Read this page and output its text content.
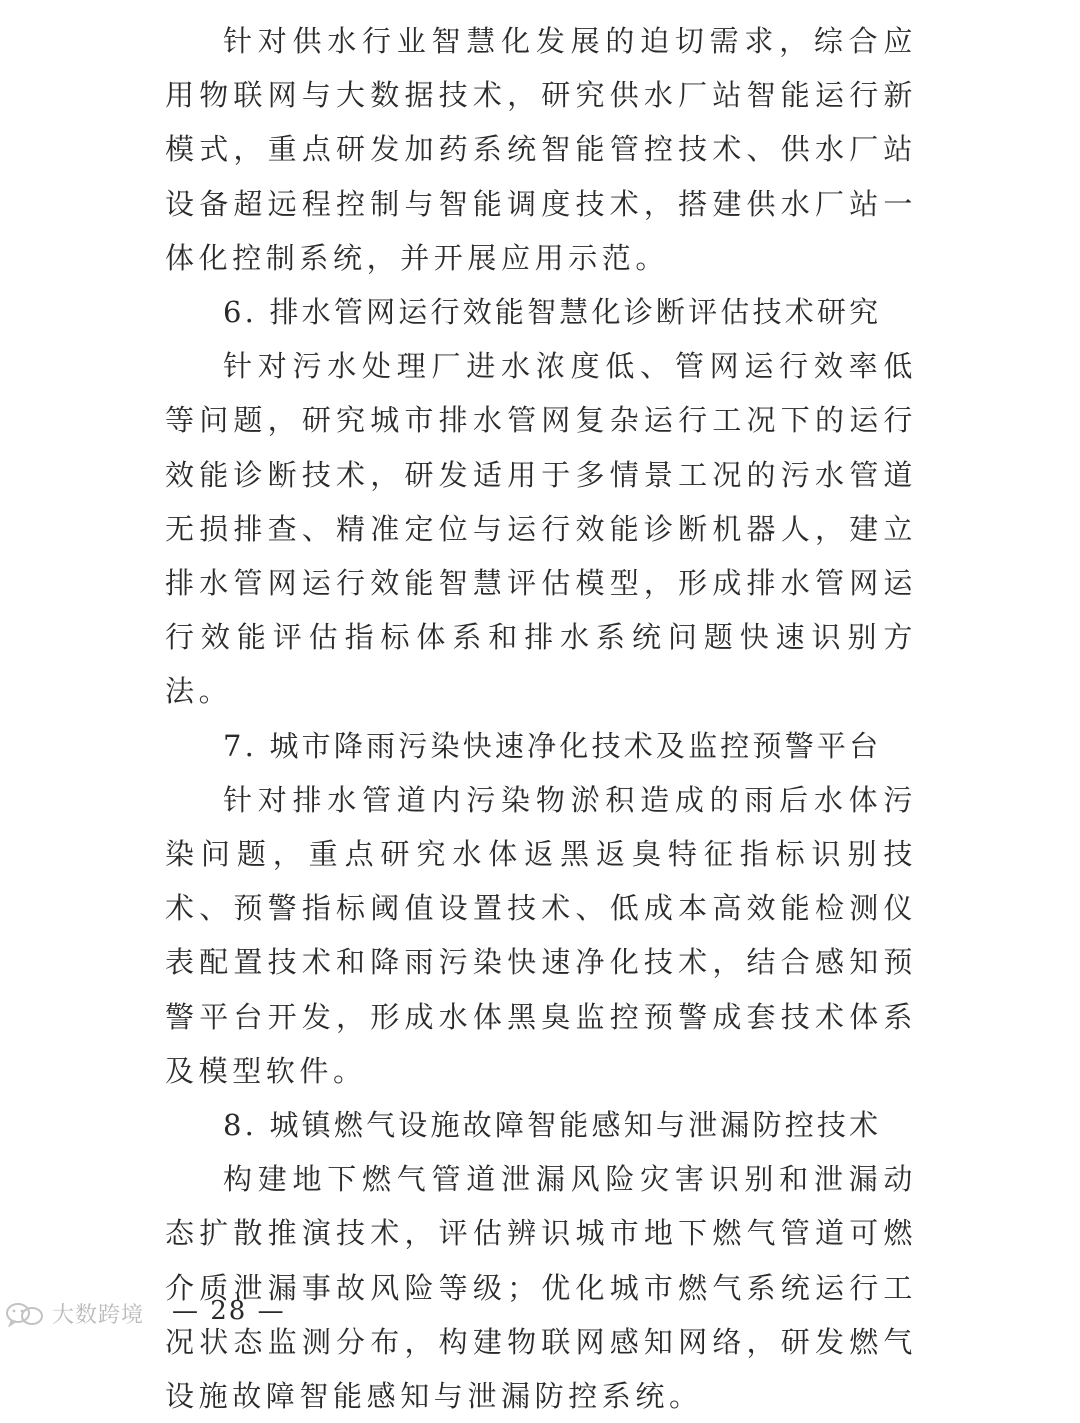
针对供水行业智慧化发展的迫切需求，综合应用物联网与大数据技术，研究供水厂站智能运行新模式，重点研发加药系统智能管控技术、供水厂站设备超远程控制与智能调度技术，搭建供水厂站一体化控制系统，并开展应用示范。

6. 排水管网运行效能智慧化诊断评估技术研究

针对污水处理厂进水浓度低、管网运行效率低等问题，研究城市排水管网复杂运行工况下的运行效能诊断技术，研发适用于多情景工况的污水管道无损排查、精准定位与运行效能诊断机器人，建立排水管网运行效能智慧评估模型，形成排水管网运行效能评估指标体系和排水系统问题快速识别方法。

7. 城市降雨污染快速净化技术及监控预警平台

针对排水管道内污染物淤积造成的雨后水体污染问题，重点研究水体返黑返臭特征指标识别技术、预警指标阈值设置技术、低成本高效能检测仪表配置技术和降雨污染快速净化技术，结合感知预警平台开发，形成水体黑臭监控预警成套技术体系及模型软件。

8. 城镇燃气设施故障智能感知与泄漏防控技术

构建地下燃气管道泄漏风险灾害识别和泄漏动态扩散推演技术，评估辨识城市地下燃气管道可燃介质泄漏事故风险等级；优化城市燃气系统运行工况状态监测分布，构建物联网感知网络，研发燃气设施故障智能感知与泄漏防控系统。

大数跨境 — 28 —
